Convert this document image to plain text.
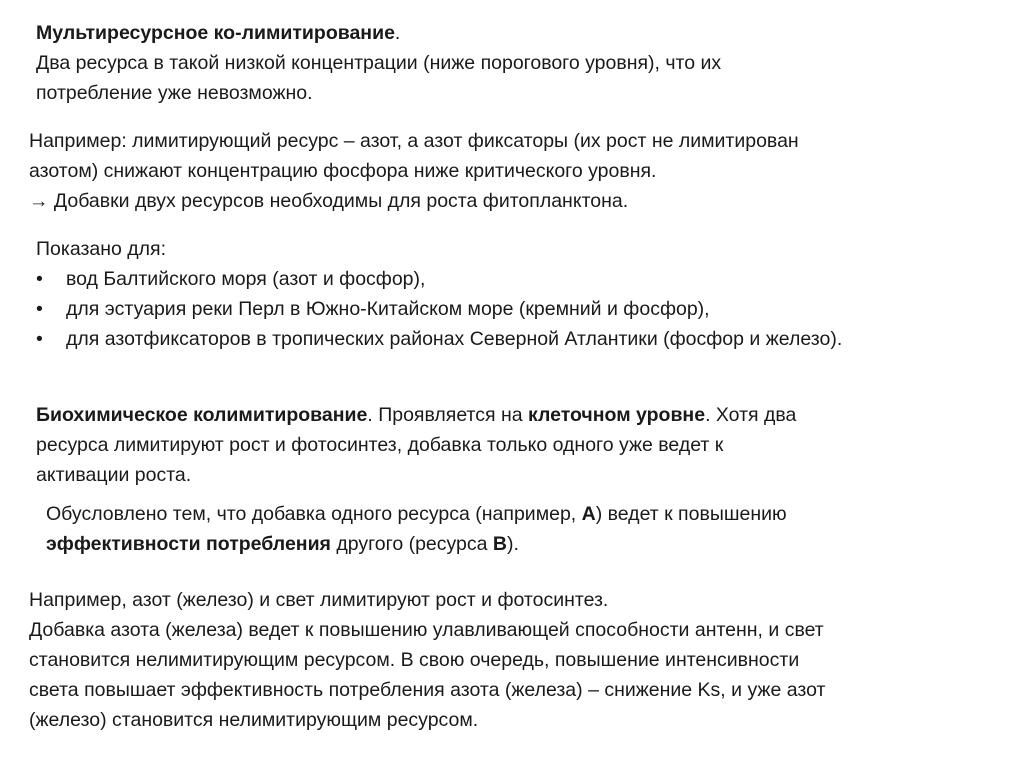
Мультиресурсное ко-лимитирование.

Два ресурса в такой низкой концентрации (ниже порогового уровня), что их

потребление уже невозможно.

Например: лимитирующий ресурс – азот, а азот фиксаторы (их рост не лимитирован

азотом) снижают концентрацию фосфора ниже критического уровня.

→ Добавки двух ресурсов необходимы для роста фитопланктона.

Показано для:

• вод Балтийского моря (азот и фосфор),
• для эстуария реки Перл в Южно-Китайском море (кремний и фосфор),
• для азотфиксаторов в тропических районах Северной Атлантики (фосфор и железо).

Биохимическое колимитирование. Проявляется на клеточном уровне. Хотя два

ресурса лимитируют рост и фотосинтез, добавка только одного уже ведет к

активации роста.

Обусловлено тем, что добавка одного ресурса (например, А) ведет к повышению

эффективности потребления другого (ресурса В).

Например, азот (железо) и свет лимитируют рост и фотосинтез.

Добавка азота (железа) ведет к повышению улавливающей способности антенн, и свет

становится нелимитирующим ресурсом. В свою очередь, повышение интенсивности

света повышает эффективность потребления азота (железа) – снижение Ks, и уже азот

(железо) становится нелимитирующим ресурсом.
